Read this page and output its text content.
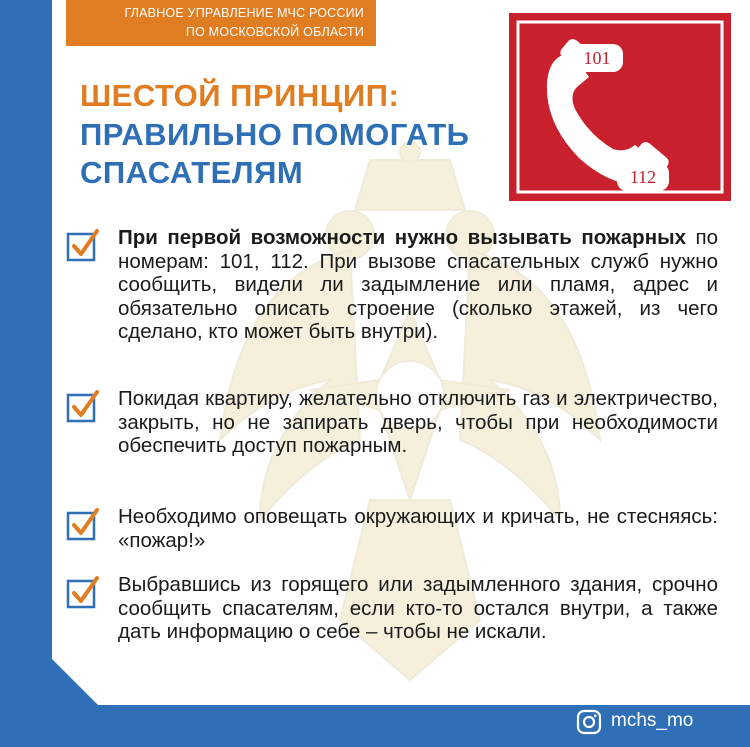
ГЛАВНОЕ УПРАВЛЕНИЕ МЧС РОССИИ
ПО МОСКОВСКОЙ ОБЛАСТИ
ШЕСТОЙ ПРИНЦИП:
ПРАВИЛЬНО ПОМОГАТЬ
СПАСАТЕЛЯМ
101
112
При первой возможности нужно вызывать пожарных по номерам: 101, 112. При вызове спасательных служб нужно сообщить, видели ли задымление или пламя, адрес и обязательно описать строение (сколько этажей, из чего сделано, кто может быть внутри).
Покидая квартиру, желательно отключить газ и электричество, закрыть, но не запирать дверь, чтобы при необходимости обеспечить доступ пожарным.
Необходимо оповещать окружающих и кричать, не стесняясь: «пожар!»
Выбравшись из горящего или задымленного здания, срочно сообщить спасателям, если кто-то остался внутри, а также дать информацию о себе – чтобы не искали.
mchs_mo
